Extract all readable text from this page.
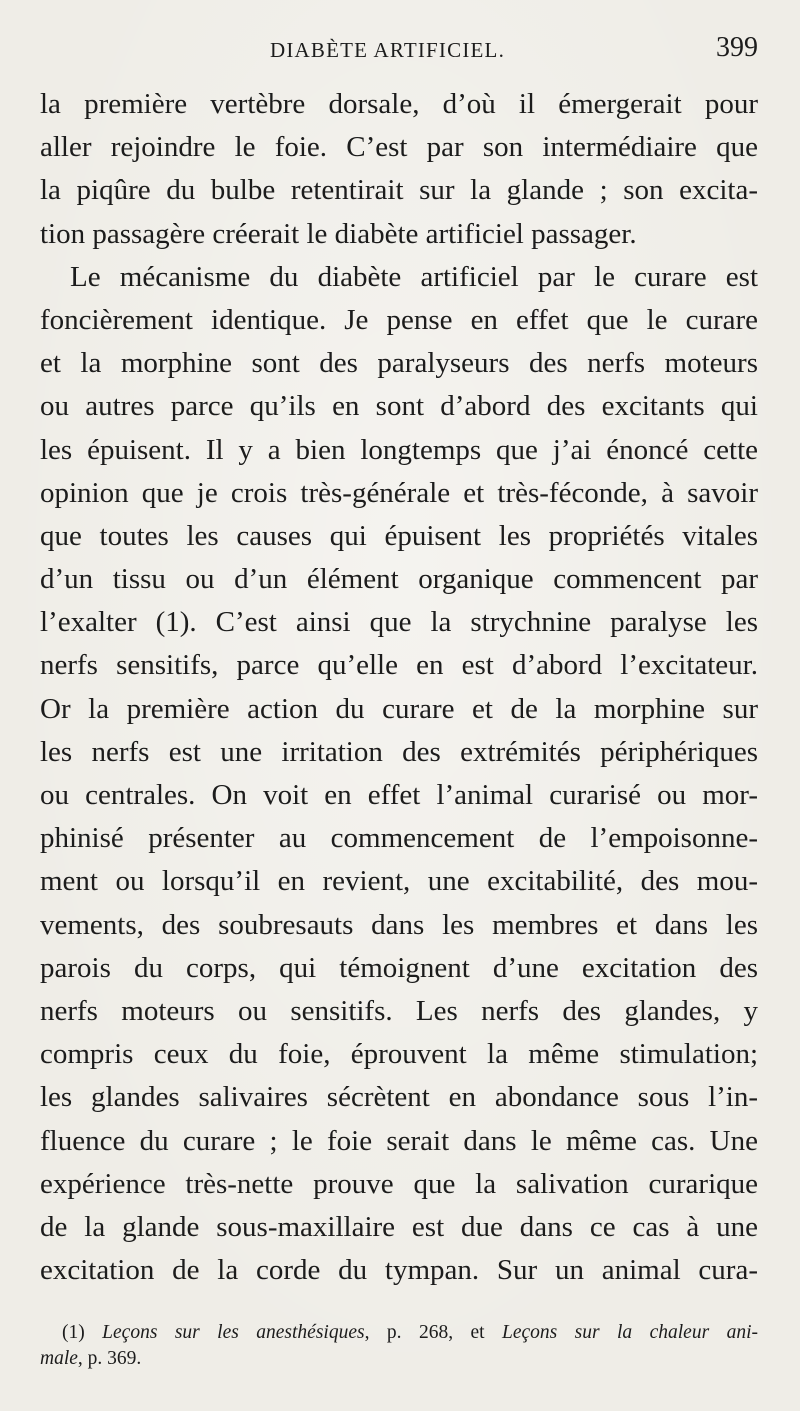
DIABÈTE ARTIFICIEL.	399
la première vertèbre dorsale, d’où il émergerait pour
aller rejoindre le foie. C’est par son intermédiaire que
la piqûre du bulbe retentirait sur la glande ; son excita-
tion passagère créerait le diabète artificiel passager.
Le mécanisme du diabète artificiel par le curare est
foncièrement identique. Je pense en effet que le curare
et la morphine sont des paralyseurs des nerfs moteurs
ou autres parce qu’ils en sont d’abord des excitants qui
les épuisent. Il y a bien longtemps que j’ai énoncé cette
opinion que je crois très-générale et très-féconde, à savoir
que toutes les causes qui épuisent les propriétés vitales
d’un tissu ou d’un élément organique commencent par
l’exalter (1). C’est ainsi que la strychnine paralyse les
nerfs sensitifs, parce qu’elle en est d’abord l’excitateur.
Or la première action du curare et de la morphine sur
les nerfs est une irritation des extrémités périphériques
ou centrales. On voit en effet l’animal curarisé ou mor-
phinisé présenter au commencement de l’empoisonne-
ment ou lorsqu’il en revient, une excitabilité, des mou-
vements, des soubresauts dans les membres et dans les
parois du corps, qui témoignent d’une excitation des
nerfs moteurs ou sensitifs. Les nerfs des glandes, y
compris ceux du foie, éprouvent la même stimulation;
les glandes salivaires sécrètent en abondance sous l’in-
fluence du curare ; le foie serait dans le même cas. Une
expérience très-nette prouve que la salivation curarique
de la glande sous-maxillaire est due dans ce cas à une
excitation de la corde du tympan. Sur un animal cura-
(1) Leçons sur les anesthésiques, p. 268, et Leçons sur la chaleur ani-
male, p. 369.
